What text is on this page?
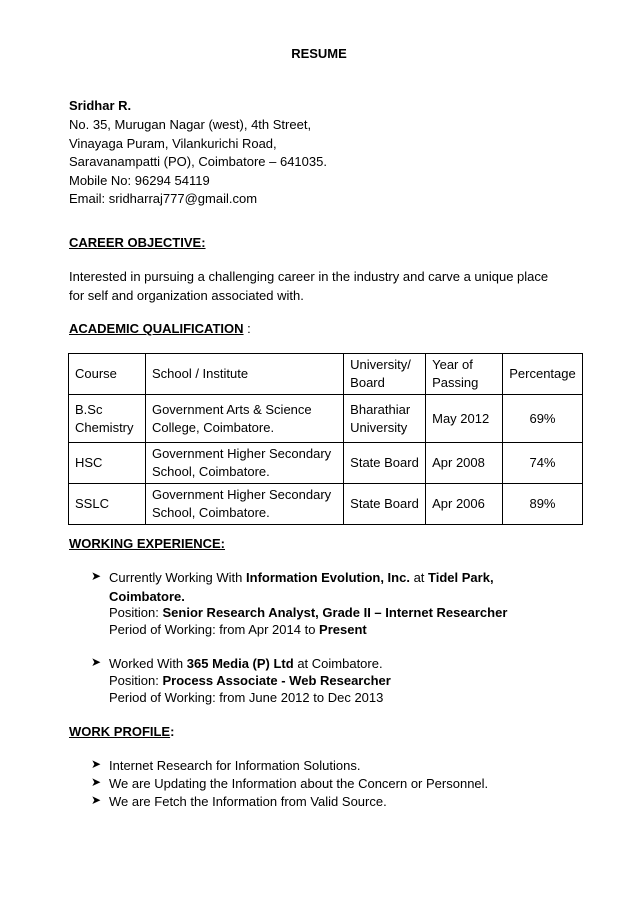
RESUME
Sridhar R.
No. 35, Murugan Nagar (west), 4th Street,
Vinayaga Puram, Vilankurichi Road,
Saravanampatti (PO), Coimbatore – 641035.
Mobile No: 96294 54119
Email: sridharraj777@gmail.com
CAREER OBJECTIVE:
Interested in pursuing a challenging career in the industry and carve a unique place
for self and organization associated with.
ACADEMIC QUALIFICATION :
Course	School / Institute	University/ Board	Year of Passing	Percentage
B.Sc Chemistry	Government Arts & Science College, Coimbatore.	Bharathiar University	May 2012	69%
HSC	Government Higher Secondary School, Coimbatore.	State Board	Apr 2008	74%
SSLC	Government Higher Secondary School, Coimbatore.	State Board	Apr 2006	89%
WORKING EXPERIENCE:
➤ Currently Working With Information Evolution, Inc. at Tidel Park,
Coimbatore.
Position: Senior Research Analyst, Grade II – Internet Researcher
Period of Working: from Apr 2014 to Present
➤ Worked With 365 Media (P) Ltd at Coimbatore.
Position: Process Associate - Web Researcher
Period of Working: from June 2012 to Dec 2013
WORK PROFILE:
➤ Internet Research for Information Solutions.
➤ We are Updating the Information about the Concern or Personnel.
➤ We are Fetch the Information from Valid Source.
